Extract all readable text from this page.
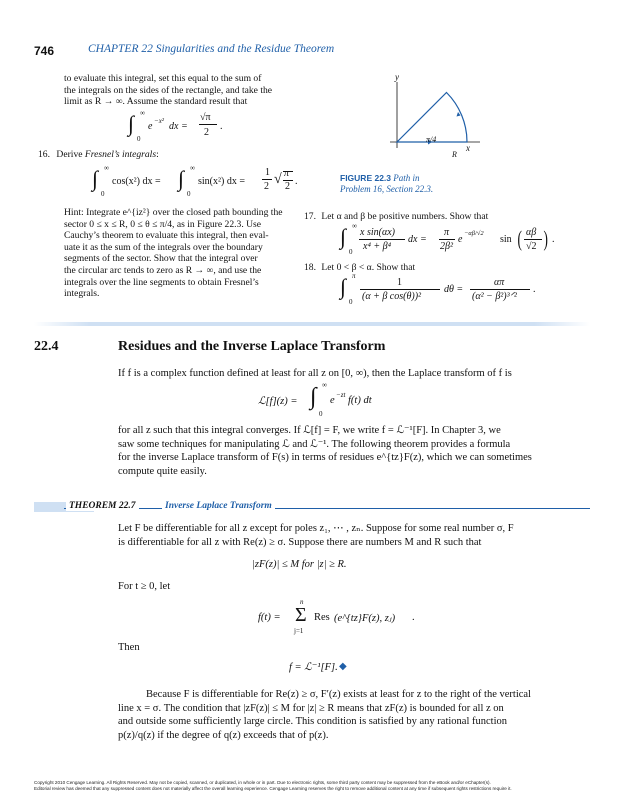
746	CHAPTER 22 Singularities and the Residue Theorem

to evaluate this integral, set this equal to the sum of

the integrals on the sides of the rectangle, and take the

limit as R → ∞. Assume the standard result that

∫ ∞
0
e −x² dx =
√π
2
.
16. Derive Fresnel’s integrals:
∫ ∞
0
cos(x²) dx = ∫ ∞
0
sin(x²) dx =
1
2 √ π
2 .

Hint: Integrate e^{iz²} over the closed path bounding the

sector 0 ≤ x ≤ R, 0 ≤ θ ≤ π/4, as in Figure 22.3. Use

Cauchy’s theorem to evaluate this integral, then eval-

uate it as the sum of the integrals over the boundary

segments of the sector. Show that the integral over

the circular arc tends to zero as R → ∞, and use the

integrals over the line segments to obtain Fresnel’s

integrals.

y
x
π/4
R
FIGURE 22.3 Path in
Problem 16, Section 22.3.
17. Let α and β be positive numbers. Show that
∫ ∞
0
x sin(αx)
x⁴ + β⁴
dx =
π
2β²
e
−αβ/√2
sin ( αβ
√2 ) .
18. Let 0 < β < α. Show that
∫ π
0
1
(α + β cos(θ))²
dθ =
απ
(α² − β²)³ᐟ²
.
22.4	Residues and the Inverse Laplace Transform
If f is a complex function defined at least for all z on [0, ∞), then the Laplace transform of f is
ℒ[f](z) = ∫ ∞
0
e −zt f(t) dt

for all z such that this integral converges. If ℒ[f] = F, we write f = ℒ⁻¹[F]. In Chapter 3, we

saw some techniques for manipulating ℒ and ℒ⁻¹. The following theorem provides a formula

for the inverse Laplace transform of F(s) in terms of residues e^{tz}F(z), which we can sometimes

compute quite easily.

THEOREM 22.7	Inverse Laplace Transform

Let F be differentiable for all z except for poles z₁, ⋯ , zₙ. Suppose for some real number σ, F

is differentiable for all z with Re(z) ≥ σ. Suppose there are numbers M and R such that

|zF(z)| ≤ M for |z| ≥ R.
For t ≥ 0, let
f(t) =
n
Σ
j=1
Res (e^{tz}F(z), zⱼ) .
Then
f = ℒ⁻¹[F]. ◆

Because F is differentiable for Re(z) ≥ σ, F′(z) exists at least for z to the right of the vertical

line x = σ. The condition that |zF(z)| ≤ M for |z| ≥ R means that zF(z) is bounded for all z on

and outside some sufficiently large circle. This condition is satisfied by any rational function

p(z)/q(z) if the degree of q(z) exceeds that of p(z).

Copyright 2010 Cengage Learning. All Rights Reserved. May not be copied, scanned, or duplicated, in whole or in part. Due to electronic rights, some third party content may be suppressed from the eBook and/or eChapter(s).
Editorial review has deemed that any suppressed content does not materially affect the overall learning experience. Cengage Learning reserves the right to remove additional content at any time if subsequent rights restrictions require it.
